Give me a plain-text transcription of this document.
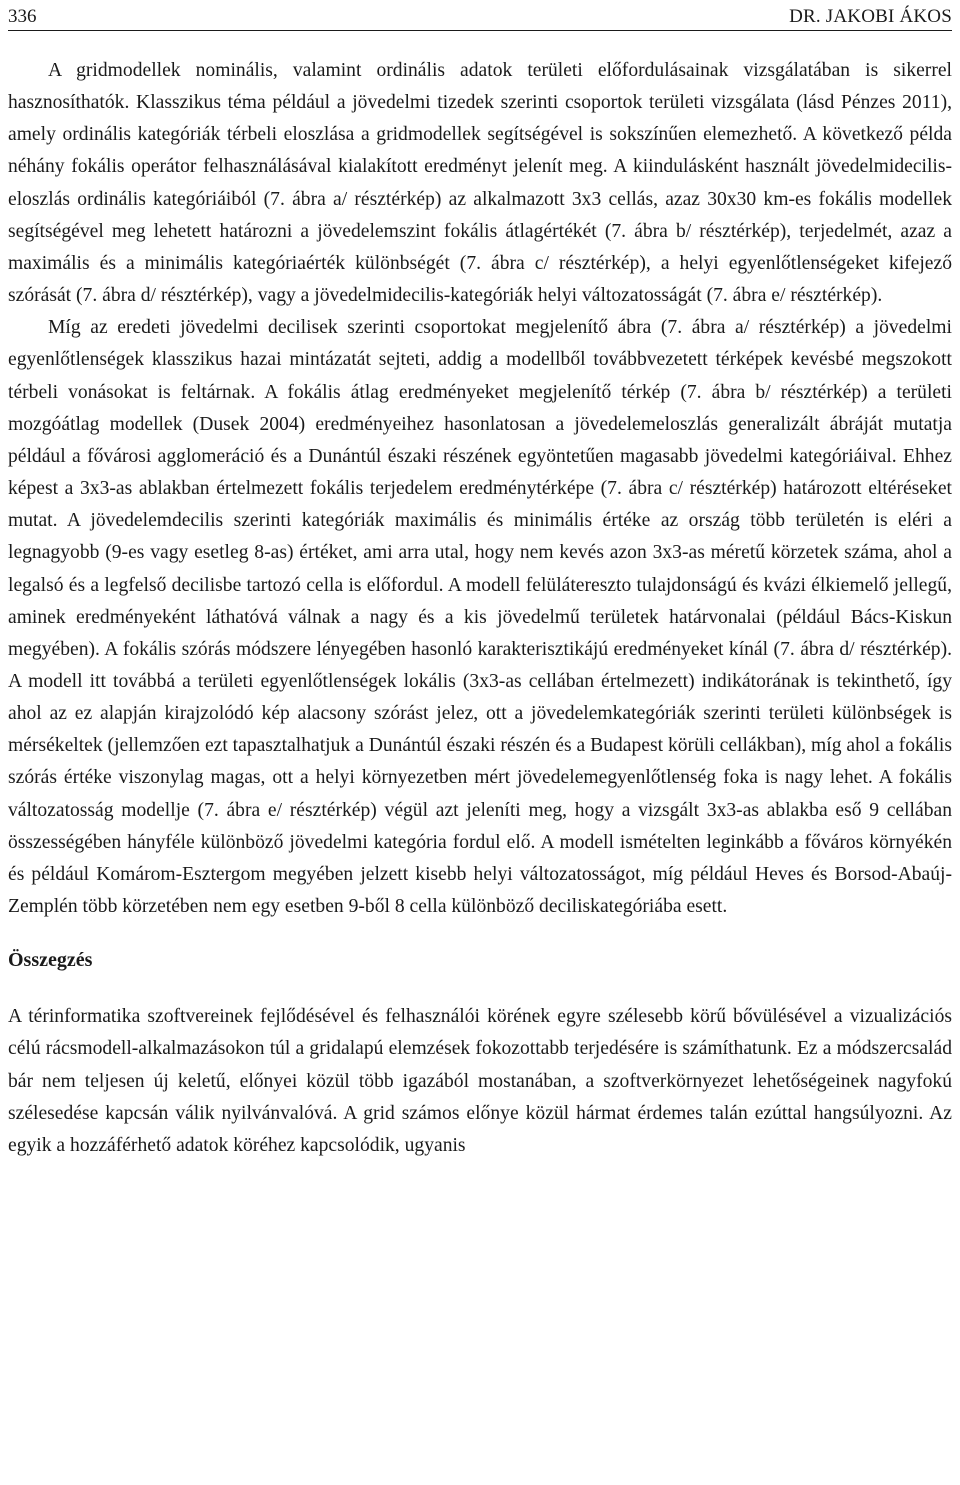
336	DR. JAKOBI ÁKOS

A gridmodellek nominális, valamint ordinális adatok területi előfordulásainak vizsgálatában is sikerrel hasznosíthatók. Klasszikus téma például a jövedelmi tizedek szerinti csoportok területi vizsgálata (lásd Pénzes 2011), amely ordinális kategóriák térbeli eloszlása a gridmodellek segítségével is sokszínűen elemezhető. A következő példa néhány fokális operátor felhasználásával kialakított eredményt jelenít meg. A kiindulásként használt jövedelmidecilis-eloszlás ordinális kategóriáiból (7. ábra a/ résztérkép) az alkalmazott 3x3 cellás, azaz 30x30 km-es fokális modellek segítségével meg lehetett határozni a jövedelemszint fokális átlagértékét (7. ábra b/ résztérkép), terjedelmét, azaz a maximális és a minimális kategóriaérték különbségét (7. ábra c/ résztérkép), a helyi egyenlőtlenségeket kifejező szórását (7. ábra d/ résztérkép), vagy a jövedelmidecilis-kategóriák helyi változatosságát (7. ábra e/ résztérkép).

Míg az eredeti jövedelmi decilisek szerinti csoportokat megjelenítő ábra (7. ábra a/ résztérkép) a jövedelmi egyenlőtlenségek klasszikus hazai mintázatát sejteti, addig a modellből továbbvezetett térképek kevésbé megszokott térbeli vonásokat is feltárnak. A fokális átlag eredményeket megjelenítő térkép (7. ábra b/ résztérkép) a területi mozgóátlag modellek (Dusek 2004) eredményeihez hasonlatosan a jövedelemeloszlás generalizált ábráját mutatja például a fővárosi agglomeráció és a Dunántúl északi részének egyöntetűen magasabb jövedelmi kategóriáival. Ehhez képest a 3x3-as ablakban értelmezett fokális terjedelem eredménytérképe (7. ábra c/ résztérkép) határozott eltéréseket mutat. A jövedelemdecilis szerinti kategóriák maximális és minimális értéke az ország több területén is eléri a legnagyobb (9-es vagy esetleg 8-as) értéket, ami arra utal, hogy nem kevés azon 3x3-as méretű körzetek száma, ahol a legalsó és a legfelső decilisbe tartozó cella is előfordul. A modell felülátereszto tulajdonságú és kvázi élkiemelő jellegű, aminek eredményeként láthatóvá válnak a nagy és a kis jövedelmű területek határvonalai (például Bács-Kiskun megyében). A fokális szórás módszere lényegében hasonló karakterisztikájú eredményeket kínál (7. ábra d/ résztérkép). A modell itt továbbá a területi egyenlőtlenségek lokális (3x3-as cellában értelmezett) indikátorának is tekinthető, így ahol az ez alapján kirajzolódó kép alacsony szórást jelez, ott a jövedelemkategóriák szerinti területi különbségek is mérsékeltek (jellemzően ezt tapasztalhatjuk a Dunántúl északi részén és a Budapest körüli cellákban), míg ahol a fokális szórás értéke viszonylag magas, ott a helyi környezetben mért jövedelemegyenlőtlenség foka is nagy lehet. A fokális változatosság modellje (7. ábra e/ résztérkép) végül azt jeleníti meg, hogy a vizsgált 3x3-as ablakba eső 9 cellában összességében hányféle különböző jövedelmi kategória fordul elő. A modell ismételten leginkább a főváros környékén és például Komárom-Esztergom megyében jelzett kisebb helyi változatosságot, míg például Heves és Borsod-Abaúj-Zemplén több körzetében nem egy esetben 9-ből 8 cella különböző deciliskategóriába esett.

Összegzés

A térinformatika szoftvereinek fejlődésével és felhasználói körének egyre szélesebb körű bővülésével a vizualizációs célú rácsmodell-alkalmazásokon túl a gridalapú elemzések fokozottabb terjedésére is számíthatunk. Ez a módszercsalád bár nem teljesen új keletű, előnyei közül több igazából mostanában, a szoftverkörnyezet lehetőségeinek nagyfokú szélesedése kapcsán válik nyilvánvalóvá. A grid számos előnye közül hármat érdemes talán ezúttal hangsúlyozni. Az egyik a hozzáférhető adatok köréhez kapcsolódik, ugyanis
